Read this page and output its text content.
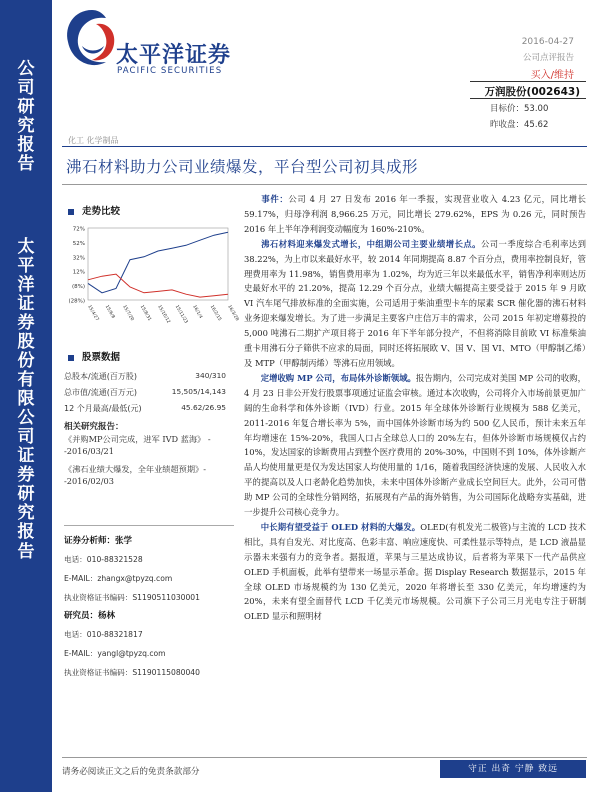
公
司
研
究
报
告
太
平
洋
证
券
股
份
有
限
公
司
证
券
研
究
报
告
太平洋证券
PACIFIC SECURITIES
2016-04-27
公司点评报告
买入/维持
万润股份(002643)
目标价：53.00
昨收盘：45.62
化工 化学制品
沸石材料助力公司业绩爆发，平台型公司初具成形
走势比较
72%
52%
32%
12%
(8%)
(28%)
15/4/27 15/6/8 15/7/20 15/8/31 15/10/12 15/11/23 16/1/4 16/2/15 16/3/28
股票数据
总股本/流通(百万股)	340/310
总市值/流通(百万元)	15,505/14,143
12 个月最高/最低(元)	45.62/26.95
相关研究报告：
《并购MP公司完成，进军 IVD 蓝海》 --2016/03/21
《沸石业绩大爆发，全年业绩超预期》--2016/02/03
证券分析师：张学
电话：010-88321528
E-MAIL：zhangx@tpyzq.com
执业资格证书编码：S1190511030001
研究员：杨林
电话：010-88321817
E-MAIL：yangl@tpyzq.com
执业资格证书编码：S1190115080040

  事件：公司 4 月 27 日发布 2016 年一季报，实现营业收入 4.23 亿元，同比增长 59.17%，归母净利润 8,966.25 万元，同比增长 279.62%，EPS 为 0.26 元，同时预告 2016 年上半年净利润变动幅度为 160%-210%。

  沸石材料迎来爆发式增长，中组期公司主要业绩增长点。公司一季度综合毛利率达到 38.22%，为上市以来最好水平，较 2014 年同期提高 8.87 个百分点，费用率控制良好，管理费用率为 11.98%，销售费用率为 1.02%，均为近三年以来最低水平，销售净利率则达历史最好水平的 21.20%，提高 12.29 个百分点，业绩大幅提高主要受益于 2015 年 9 月欧 VI 汽车尾气排放标准的全面实施，公司适用于柴油重型卡车的尿素 SCR 催化器的沸石材料业务迎来爆发增长。为了进一步满足主要客户庄信万丰的需求，公司 2015 年初定增募投的 5,000 吨沸石二期扩产项目将于 2016 年下半年部分投产，不但将消除目前欧 VI 标准柴油重卡用沸石分子筛供不应求的局面，同时还将拓展欧 V、国 V、国 VI、MTO（甲醇制乙烯）及 MTP（甲醇制丙烯）等沸石应用领域。

  定增收购 MP 公司，布局体外诊断领域。报告期内，公司完成对美国 MP 公司的收购，4 月 23 日非公开发行股票事项通过证监会审核。通过本次收购，公司将介入市场前景更加广阔的生命科学和体外诊断（IVD）行业。2015 年全球体外诊断行业规模为 588 亿美元，2011-2016 年复合增长率为 5%，而中国体外诊断市场为约 500 亿人民币，预计未来五年年均增速在 15%-20%，我国人口占全球总人口的 20%左右，但体外诊断市场规模仅占约 10%，发达国家的诊断费用占到整个医疗费用的 20%-30%，中国则不到 10%，体外诊断产品人均使用量更是仅为发达国家人均使用量的 1/16，随着我国经济快速的发展、人民收入水平的提高以及人口老龄化趋势加快，未来中国体外诊断产业成长空间巨大。此外，公司可借助 MP 公司的全球性分销网络，拓展现有产品的海外销售，为公司国际化战略夯实基础，进一步提升公司核心竞争力。

  中长期有望受益于 OLED 材料的大爆发。OLED(有机发光二极管)与主流的 LCD 技术相比，具有自发光、对比度高、色彩丰富、响应速度快、可柔性显示等特点，是 LCD 液晶显示器未来强有力的竞争者。据报道，苹果与三星达成协议，后者将为苹果下一代产品供应 OLED 手机面板，此举有望带来一场显示革命。据 Display Research 数据显示，2015 年全球 OLED 市场规模约为 130 亿美元，2020 年将增长至 330 亿美元，年均增速约为 20%，未来有望全面替代 LCD 千亿美元市场规模。公司旗下子公司三月光电专注于研制 OLED 显示和照明材

请务必阅读正文之后的免责条款部分	守正 出奇 宁静 致远
